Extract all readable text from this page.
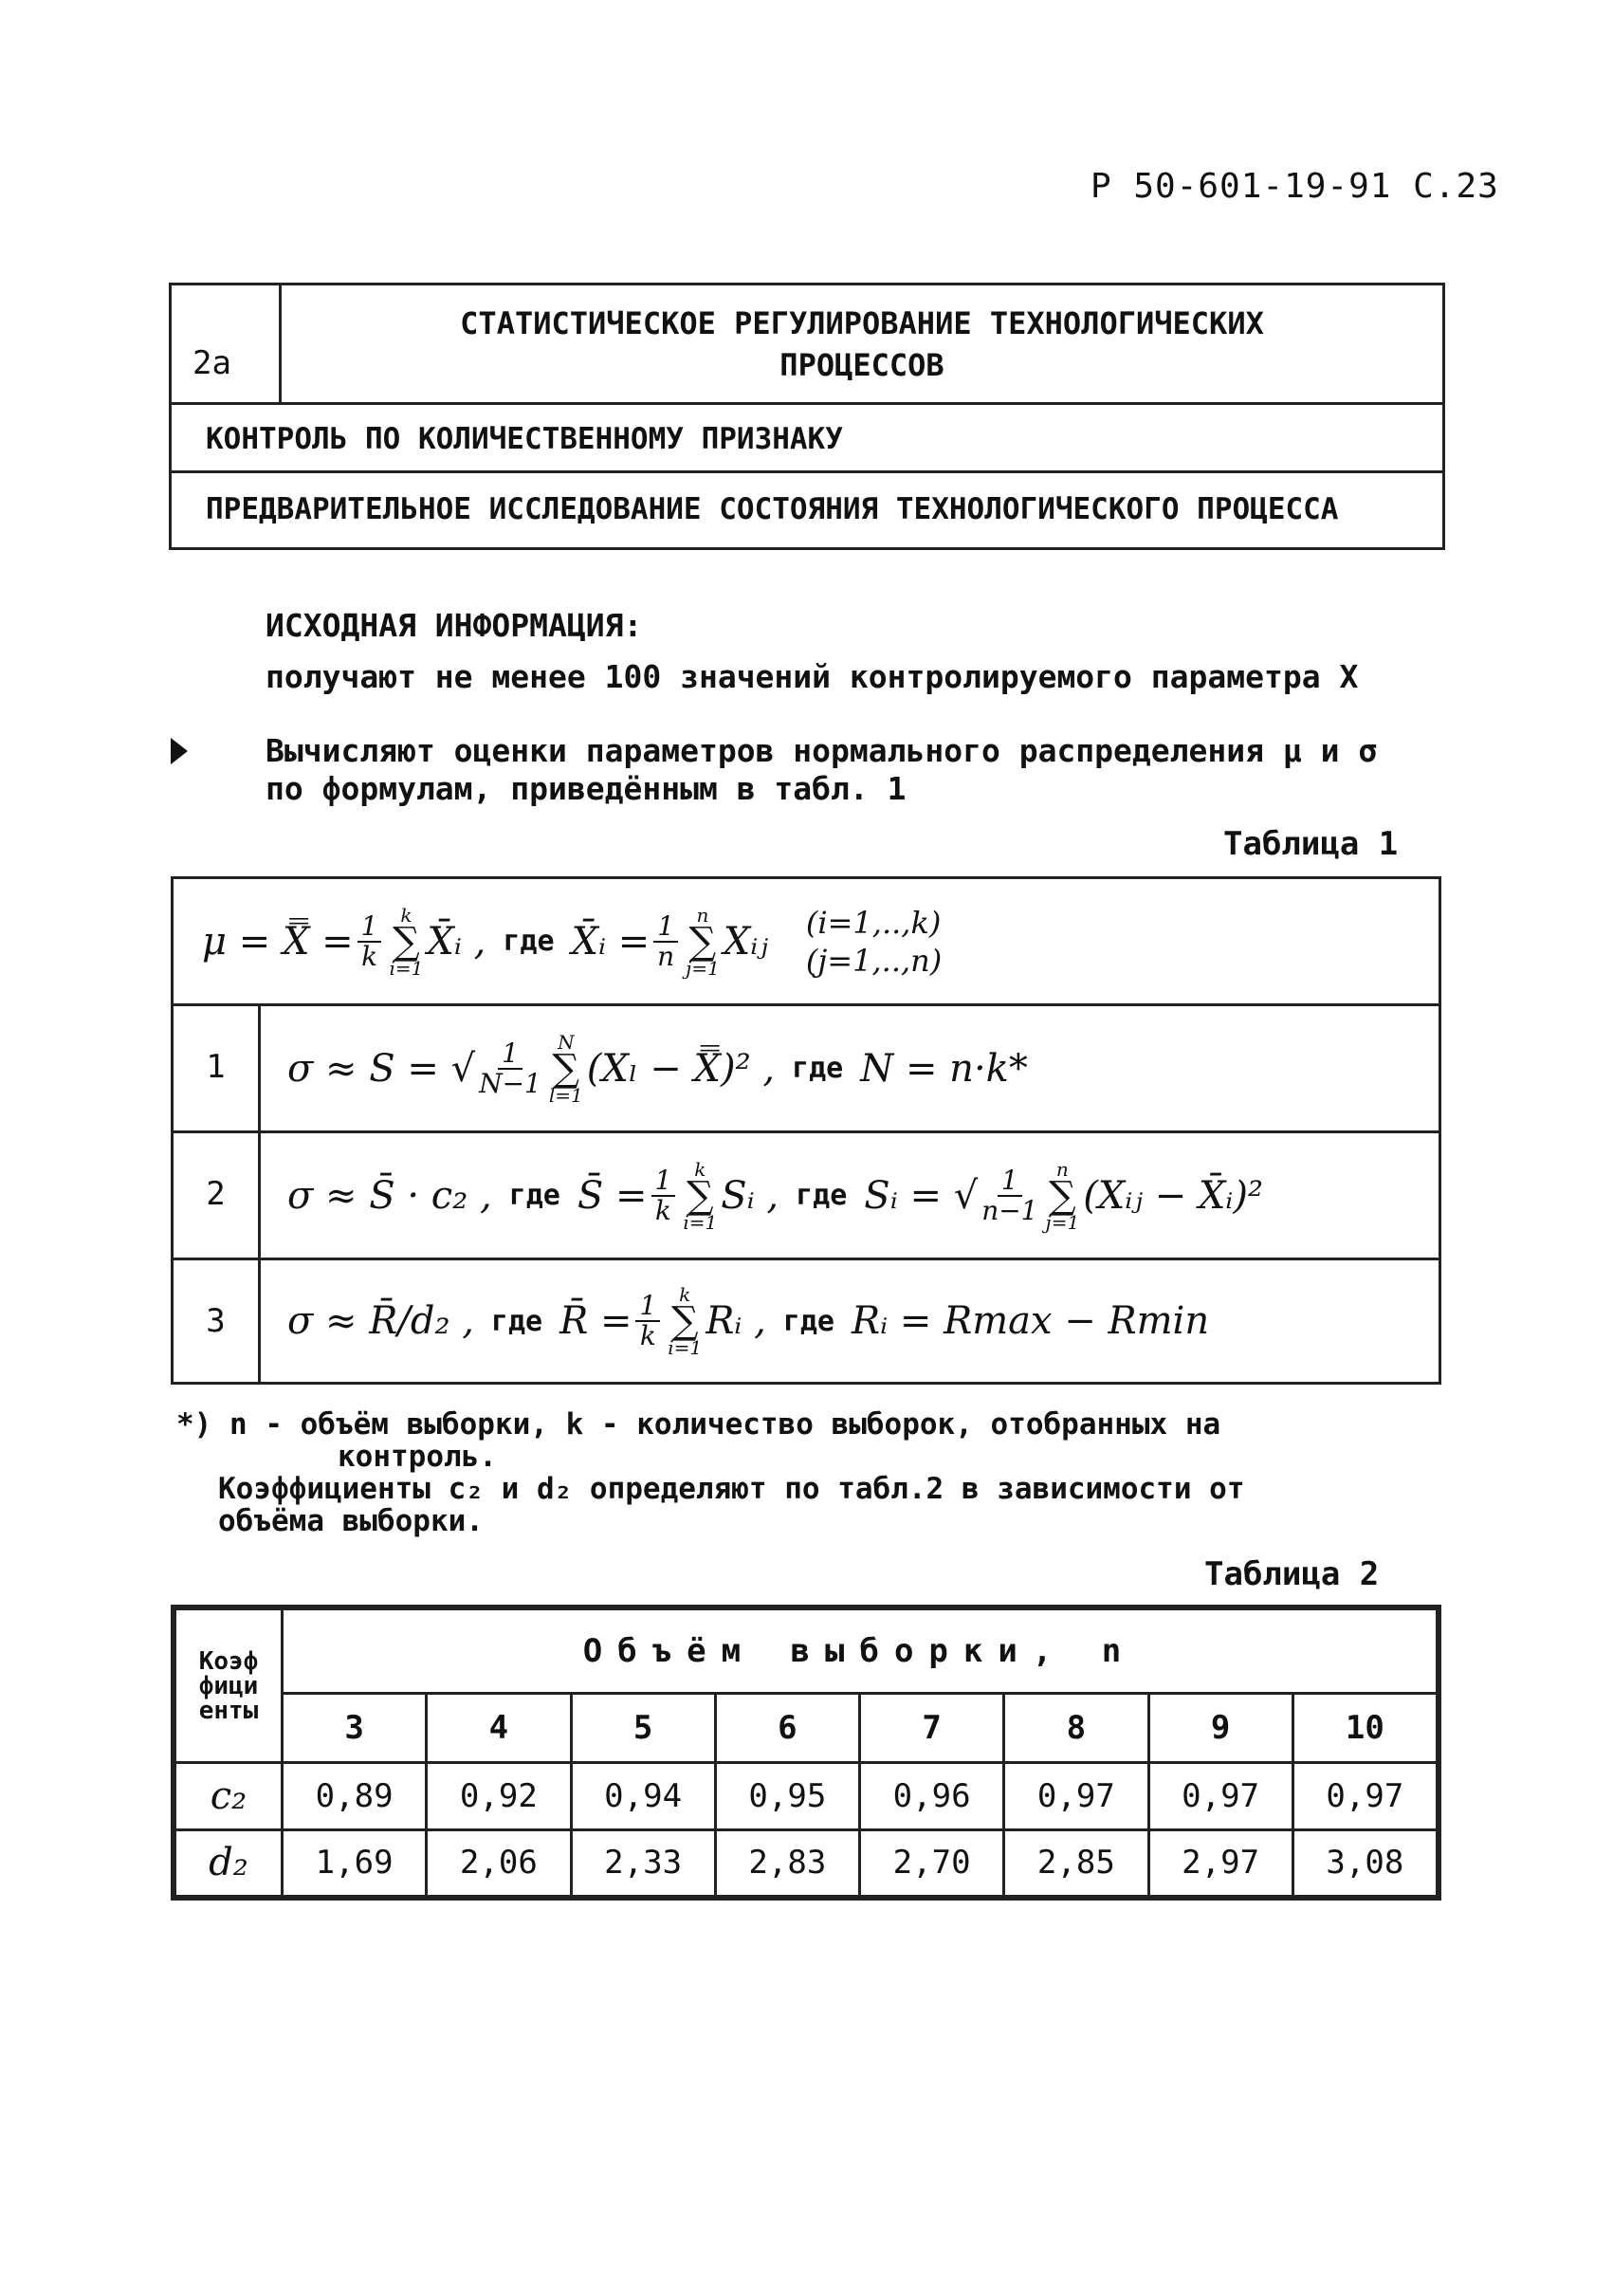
Р 50-601-19-91 С.23
2а
СТАТИСТИЧЕСКОЕ РЕГУЛИРОВАНИЕ ТЕХНОЛОГИЧЕСКИХ
ПРОЦЕССОВ
КОНТРОЛЬ ПО КОЛИЧЕСТВЕННОМУ ПРИЗНАКУ
ПРЕДВАРИТЕЛЬНОЕ ИССЛЕДОВАНИЕ СОСТОЯНИЯ ТЕХНОЛОГИЧЕСКОГО ПРОЦЕССА
ИСХОДНАЯ ИНФОРМАЦИЯ:
получают не менее 100 значений контролируемого параметра X
Вычисляют оценки параметров нормального распределения μ и σ
по формулам, приведённым в табл. 1
Таблица 1
μ = X̿ = $\frac{1}{k}$ k
∑
i=1
X̄ᵢ , где X̄ᵢ = $\frac{1}{n}$ n
∑
j=1
Xᵢⱼ (i=1,..,k)
(j=1,..,n)
1	σ ≈ S = √ $\frac{1}{N-1}$ N
∑
l=1
(Xₗ − X̿)² , где N = n·k*
2	σ ≈ S̄ · c₂ , где S̄ = $\frac{1}{k}$ k
∑
i=1
Sᵢ , где Sᵢ = √ $\frac{1}{n-1}$ n
∑
j=1
(Xᵢⱼ − X̄ᵢ)²
3	σ ≈ R̄/d₂ , где R̄ = $\frac{1}{k}$ k
∑
i=1
Rᵢ , где Rᵢ = Rmax − Rmin
*) n - объём выборки, k - количество выборок, отобранных на
контроль.
Коэффициенты c₂ и d₂ определяют по табл.2 в зависимости от
объёма выборки.
Таблица 2
Коэф фици енты	Объём выборки, n							
	3	4	5	6	7	8	9	10
c₂	0,89	0,92	0,94	0,95	0,96	0,97	0,97	0,97
d₂	1,69	2,06	2,33	2,83	2,70	2,85	2,97	3,08
